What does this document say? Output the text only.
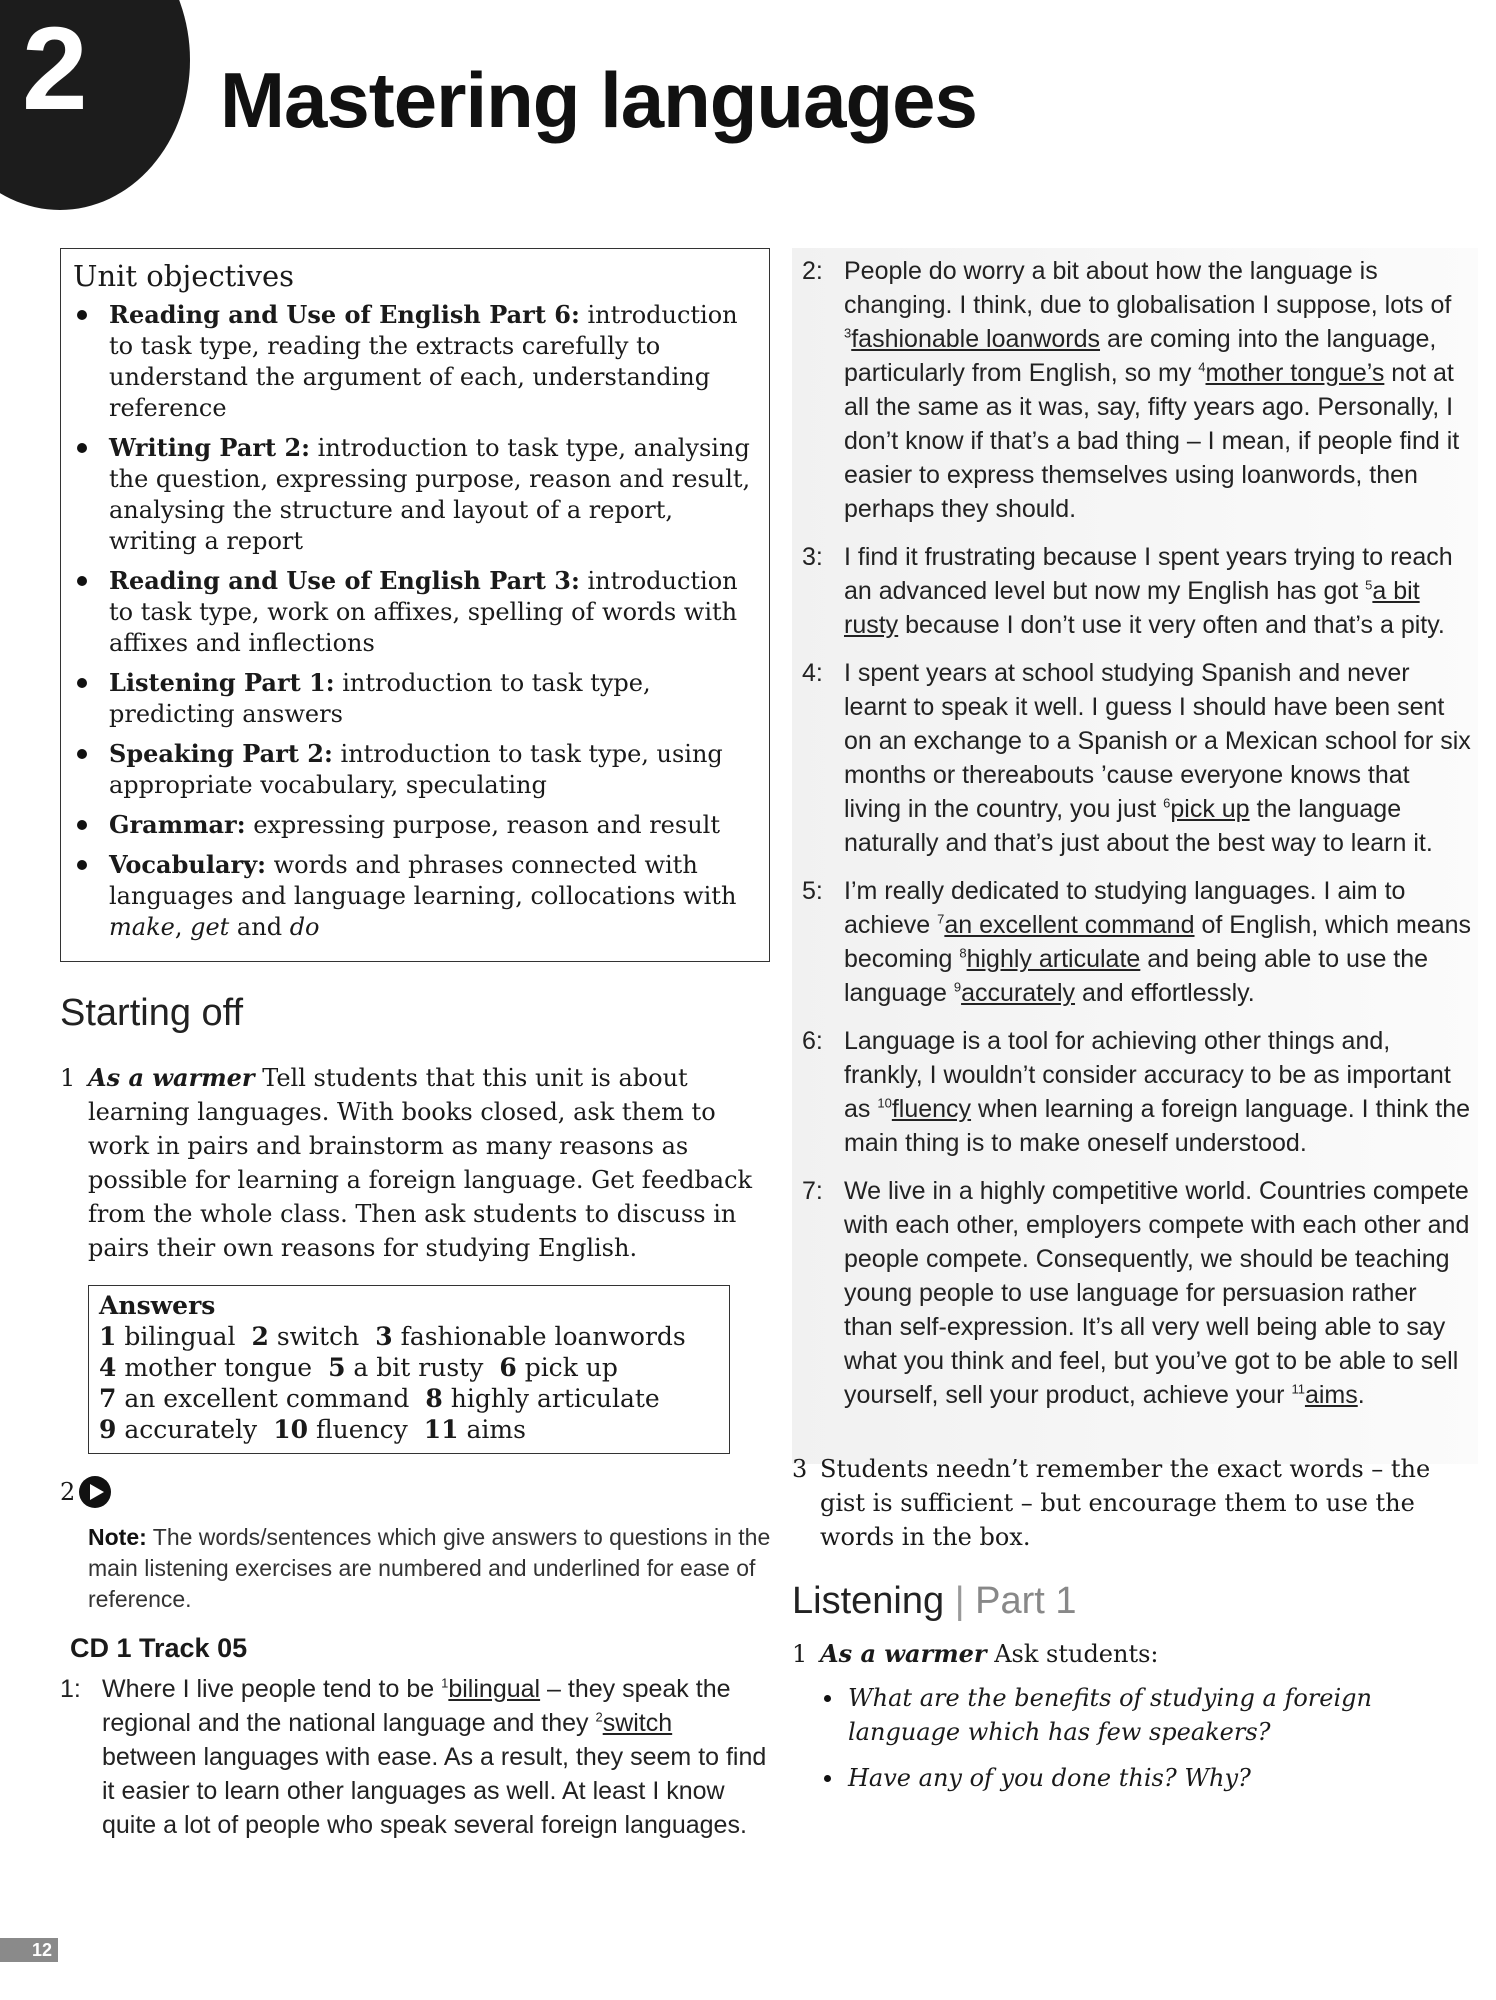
2 Mastering languages
Unit objectives
Reading and Use of English Part 6: introduction to task type, reading the extracts carefully to understand the argument of each, understanding reference
Writing Part 2: introduction to task type, analysing the question, expressing purpose, reason and result, analysing the structure and layout of a report, writing a report
Reading and Use of English Part 3: introduction to task type, work on affixes, spelling of words with affixes and inflections
Listening Part 1: introduction to task type, predicting answers
Speaking Part 2: introduction to task type, using appropriate vocabulary, speculating
Grammar: expressing purpose, reason and result
Vocabulary: words and phrases connected with languages and language learning, collocations with make, get and do
Starting off
1 As a warmer Tell students that this unit is about learning languages. With books closed, ask them to work in pairs and brainstorm as many reasons as possible for learning a foreign language. Get feedback from the whole class. Then ask students to discuss in pairs their own reasons for studying English.
Answers
1 bilingual 2 switch 3 fashionable loanwords
4 mother tongue 5 a bit rusty 6 pick up
7 an excellent command 8 highly articulate
9 accurately 10 fluency 11 aims
2
Note: The words/sentences which give answers to questions in the main listening exercises are numbered and underlined for ease of reference.
CD 1 Track 05
1: Where I live people tend to be $^1$bilingual – they speak the regional and the national language and they $^2$switch between languages with ease. As a result, they seem to find it easier to learn other languages as well. At least I know quite a lot of people who speak several foreign languages.
2: People do worry a bit about how the language is changing. I think, due to globalisation I suppose, lots of $^3$fashionable loanwords are coming into the language, particularly from English, so my $^4$mother tongue’s not at all the same as it was, say, fifty years ago. Personally, I don’t know if that’s a bad thing – I mean, if people find it easier to express themselves using loanwords, then perhaps they should.
3: I find it frustrating because I spent years trying to reach an advanced level but now my English has got $^5$a bit rusty because I don’t use it very often and that’s a pity.
4: I spent years at school studying Spanish and never learnt to speak it well. I guess I should have been sent on an exchange to a Spanish or a Mexican school for six months or thereabouts ’cause everyone knows that living in the country, you just $^6$pick up the language naturally and that’s just about the best way to learn it.
5: I’m really dedicated to studying languages. I aim to achieve $^7$an excellent command of English, which means becoming $^8$highly articulate and being able to use the language $^9$accurately and effortlessly.
6: Language is a tool for achieving other things and, frankly, I wouldn’t consider accuracy to be as important as $^{10}$fluency when learning a foreign language. I think the main thing is to make oneself understood.
7: We live in a highly competitive world. Countries compete with each other, employers compete with each other and people compete. Consequently, we should be teaching young people to use language for persuasion rather than self-expression. It’s all very well being able to say what you think and feel, but you’ve got to be able to sell yourself, sell your product, achieve your $^{11}$aims.
3 Students needn’t remember the exact words – the gist is sufficient – but encourage them to use the words in the box.
Listening | Part 1
1 As a warmer Ask students:
What are the benefits of studying a foreign language which has few speakers?
Have any of you done this? Why?
12
